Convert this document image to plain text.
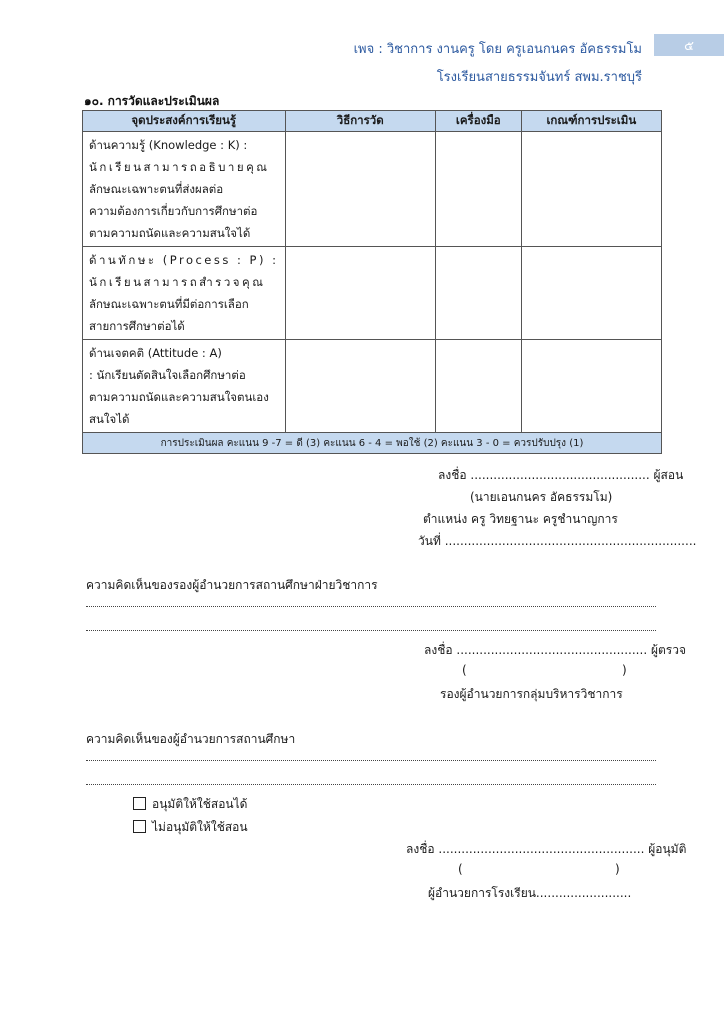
เพจ : วิชาการ งานครู โดย ครูเอนกนคร อัคธรรมโม	๕
โรงเรียนสายธรรมจันทร์ สพม.ราชบุรี
๑๐. การวัดและประเมินผล
จุดประสงค์การเรียนรู้	วิธีการวัด	เครื่องมือ	เกณฑ์การประเมิน

ด้านความรู้ (Knowledge : K) :
นักเรียนสามารถอธิบายคุณ
ลักษณะเฉพาะตนที่ส่งผลต่อ
ความต้องการเกี่ยวกับการศึกษาต่อ
ตามความถนัดและความสนใจได้			

ด้านทักษะ (Process : P) :
นักเรียนสามารถสำรวจคุณ
ลักษณะเฉพาะตนที่มีต่อการเลือก
สายการศึกษาต่อได้			

ด้านเจตคติ (Attitude : A)
: นักเรียนตัดสินใจเลือกศึกษาต่อ
ตามความถนัดและความสนใจตนเอง
สนใจได้			

การประเมินผล คะแนน 9 -7 = ดี (3) คะแนน 6 - 4 = พอใช้ (2) คะแนน 3 - 0 = ควรปรับปรุง (1)			
ลงชื่อ ............................................... ผู้สอน
(นายเอนกนคร อัคธรรมโม)
ตำแหน่ง ครู วิทยฐานะ ครูชำนาญการ
วันที่ ..................................................................
ความคิดเห็นของรองผู้อำนวยการสถานศึกษาฝ่ายวิชาการ
ลงชื่อ .................................................. ผู้ตรวจ
(	)
รองผู้อำนวยการกลุ่มบริหารวิชาการ
ความคิดเห็นของผู้อำนวยการสถานศึกษา
อนุมัติให้ใช้สอนได้
ไม่อนุมัติให้ใช้สอน
ลงชื่อ ...................................................... ผู้อนุมัติ
(	)
ผู้อำนวยการโรงเรียน.........................
